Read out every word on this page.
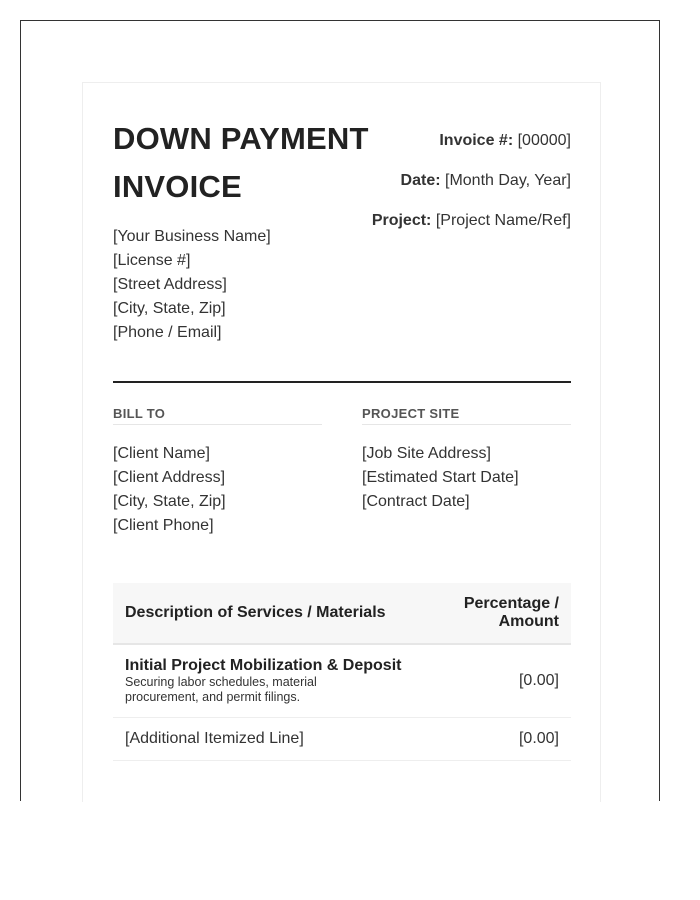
DOWN PAYMENT INVOICE
[Your Business Name]
[License #]
[Street Address]
[City, State, Zip]
[Phone / Email]
Invoice #: [00000]
Date: [Month Day, Year]
Project: [Project Name/Ref]
BILL TO
[Client Name]
[Client Address]
[City, State, Zip]
[Client Phone]
PROJECT SITE
[Job Site Address]
[Estimated Start Date]
[Contract Date]
Description of Services / Materials	Percentage / Amount

Initial Project Mobilization & Deposit
Securing labor schedules, material procurement, and permit filings.	[0.00]
[Additional Itemized Line]	[0.00]
